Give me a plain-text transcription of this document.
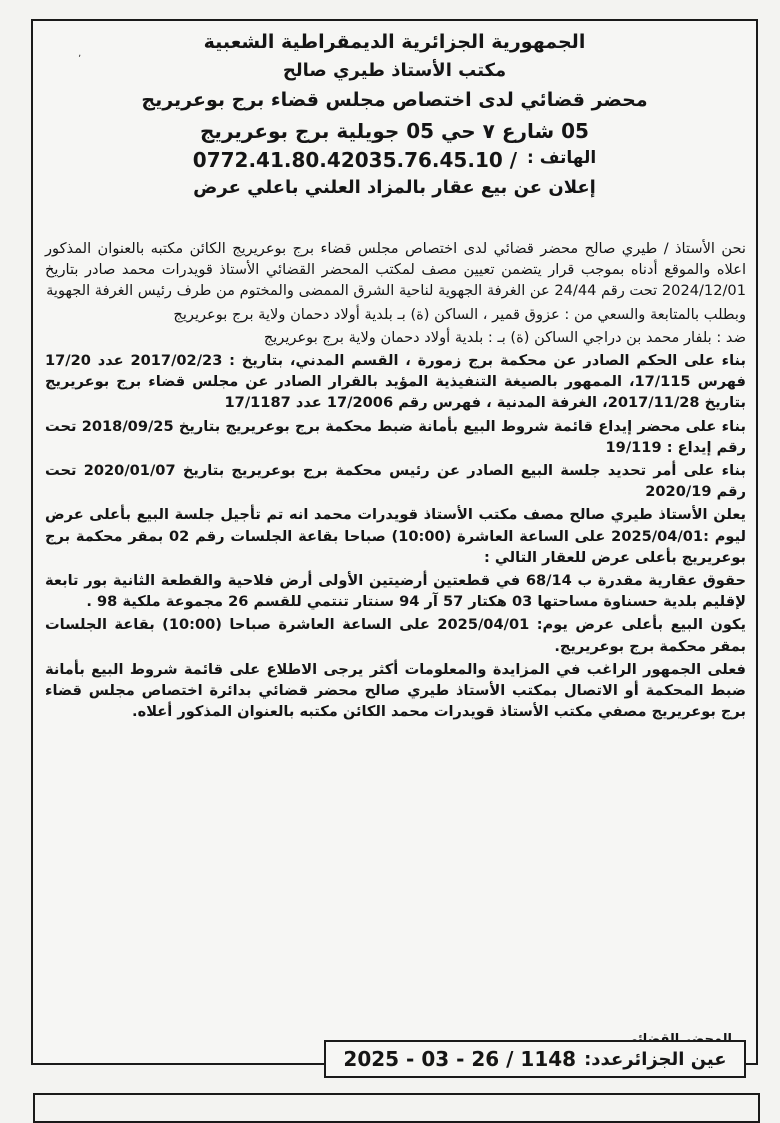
ʼ
الجمهورية الجزائرية الديمقراطية الشعبية
مكتب الأستاذ طيري صالح
محضر قضائي لدى اختصاص مجلس قضاء برج بوعريريج
05 شارع ٧ حي 05 جويلية برج بوعريريج
الهاتف :
0772.41.80.42035.76.45.10 /
إعلان عن بيع عقار بالمزاد العلني باعلي عرض

نحن الأستاذ / طيري صالح محضر قضائي لدى اختصاص مجلس قضاء برج بوعريريج الكائن مكتبه بالعنوان المذكور اعلاه والموقع أدناه بموجب قرار يتضمن تعيين مصف لمكتب المحضر القضائي الأستاذ قويدرات محمد صادر بتاريخ 2024/12/01 تحت رقم 24/44 عن الغرفة الجهوية لناحية الشرق الممضى والمختوم من طرف رئيس الغرفة الجهوية

وبطلب بالمتابعة والسعي من : عزوق قمير ، الساكن (ة) بـ بلدية أولاد دحمان ولاية برج بوعريريج

ضد : بلفار محمد بن دراجي الساكن (ة) بـ : بلدية أولاد دحمان ولاية برج بوعريريج

بناء على الحكم الصادر عن محكمة برج زمورة ، القسم المدني، بتاريخ : 2017/02/23 عدد 17/20 فهرس 17/115، الممهور بالصيغة التنفيذية المؤيد بالقرار الصادر عن مجلس قضاء برج بوعريريج بتاريخ 2017/11/28، الغرفة المدنية ، فهرس رقم 17/2006 عدد 17/1187

بناء على محضر إيداع قائمة شروط البيع بأمانة ضبط محكمة برج بوعريريج بتاريخ 2018/09/25 تحت رقم إيداع : 19/119

بناء على أمر تحديد جلسة البيع الصادر عن رئيس محكمة برج بوعريريج بتاريخ 2020/01/07 تحت رقم 2020/19

يعلن الأستاذ طيري صالح مصف مكتب الأستاذ قويدرات محمد انه تم تأجيل جلسة البيع بأعلى عرض ليوم :2025/04/01 على الساعة العاشرة (10:00) صباحا بقاعة الجلسات رقم 02 بمقر محكمة برج بوعريريج بأعلى عرض للعقار التالي :

حقوق عقارية مقدرة ب 68/14 في قطعتين أرضيتين الأولى أرض فلاحية والقطعة الثانية بور تابعة لإقليم بلدية حسناوة مساحتها 03 هكتار 57 آر 94 سنتار تنتمي للقسم 26 مجموعة ملكية 98 .

يكون البيع بأعلى عرض يوم: 2025/04/01 على الساعة العاشرة صباحا (10:00) بقاعة الجلسات بمقر محكمة برج بوعريريج.

فعلى الجمهور الراغب في المزايدة والمعلومات أكثر يرجى الاطلاع على قائمة شروط البيع بأمانة ضبط المحكمة أو الاتصال بمكتب الأستاذ طيري صالح محضر قضائي بدائرة اختصاص مجلس قضاء برج بوعريريج مصفي مكتب الأستاذ قويدرات محمد الكائن مكتبه بالعنوان المذكور أعلاه.

عين الجزائرعدد:
2025 - 03 - 26 / 1148
